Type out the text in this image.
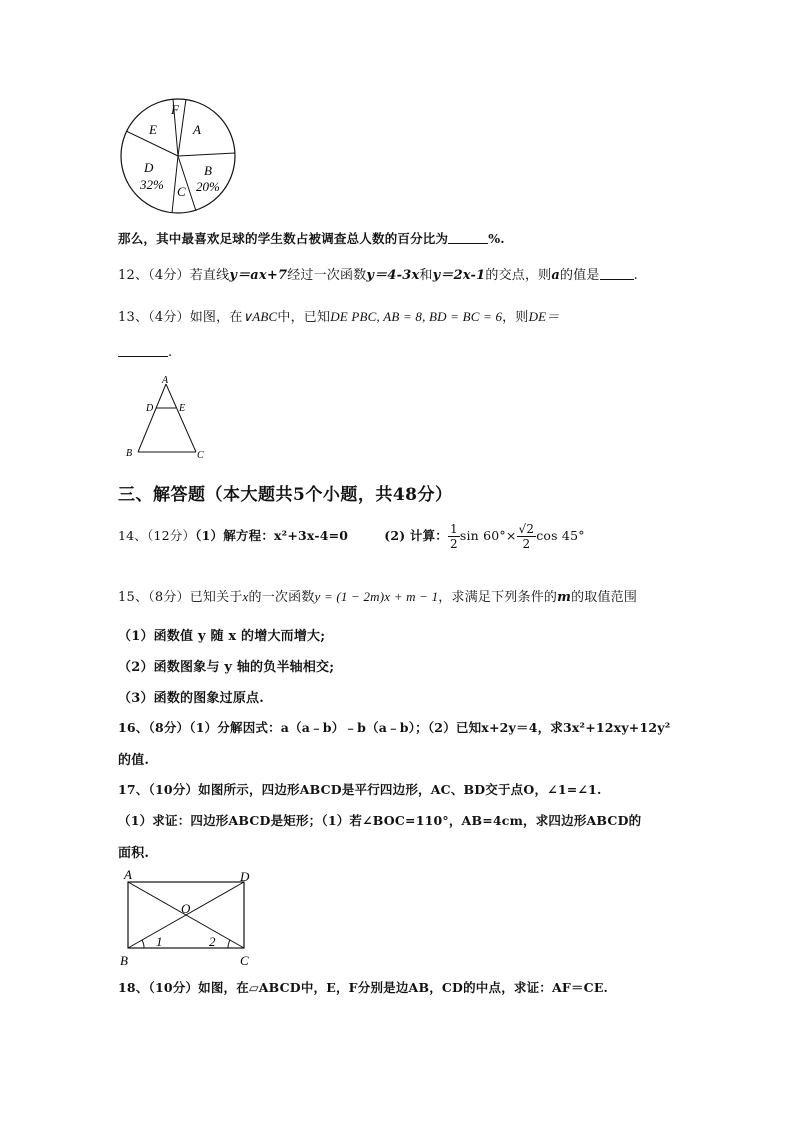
F
A
E
B
20%
D
32% C
那么，其中最喜欢足球的学生数占被调查总人数的百分比为	%.
12、（4分）若直线y＝ax+7经过一次函数y＝4-3x和y＝2x-1的交点，则a的值是	.
13、（4分）如图，在∨ABC中，已知DE PBC, AB = 8, BD = BC = 6，则DE＝
.
A
D	E
B	C
三、解答题（本大题共5个小题，共48分）
14、（12分）（1）解方程：x²+3x-4=0	(2) 计算： $\frac{1}{2}$ $\sin 60^\circ\times \frac{√2}{2}$ cos 45°
15、（8分）已知关于x的一次函数y = (1 − 2m)x + m − 1，求满足下列条件的m的取值范围
（1）函数值 y 随 x 的增大而增大;
（2）函数图象与 y 轴的负半轴相交;
（3）函数的图象过原点.
16、（8分）（1）分解因式：a（a﹣b）﹣b（a﹣b）；（2）已知x+2y＝4，求3x²+12xy+12y²
的值.
17、（10分）如图所示，四边形ABCD是平行四边形，AC、BD交于点O，∠1=∠1.
（1）求证：四边形ABCD是矩形；（1）若∠BOC=110°，AB=4cm，求四边形ABCD的
面积.
A	D
O
B	C
1	2
18、（10分）如图，在▱ABCD中，E，F分别是边AB，CD的中点，求证：AF＝CE.
